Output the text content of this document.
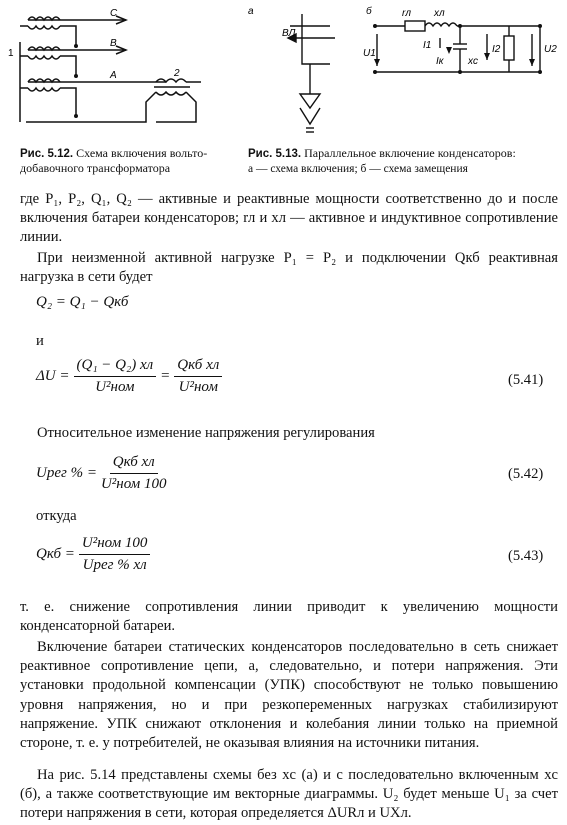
C
B
A
1
2
Рис. 5.12. Схема включения вольто-добавочного трансформатора
а	б
ВЛ
rл xл
U1
I1
Iк xc
I2	U2
Рис. 5.13. Параллельное включение конденсаторов:
а — схема включения; б — схема замещения
где P₁, P₂, Q₁, Q₂ — активные и реактивные мощности соответственно до и после включения батареи конденсаторов; rл и xл — активное и индуктивное сопротивление линии.
При неизменной активной нагрузке P₁ = P₂ и подключении Qкб реактивная нагрузка в сети будет
Q₂ = Q₁ − Qкб
и
$\Delta U = \frac{\text{(Q₁ − Q₂) xл}}{\text{U²ном}} = \frac{\text{Qкб xл}}{\text{U²ном}}$	(5.41)
Относительное изменение напряжения регулирования
Uрег % = $\frac{\text{Qкб xл}}{\text{U²ном 100}}$	(5.42)
откуда
Qкб = $\frac{\text{U²ном 100}}{\text{Uрег \% xл}}$	(5.43)
т. е. снижение сопротивления линии приводит к увеличению мощности конденсаторной батареи.
Включение батареи статических конденсаторов последовательно в сеть снижает реактивное сопротивление цепи, а, следовательно, и потери напряжения. Эти установки продольной компенсации (УПК) способствуют не только повышению уровня напряжения, но и при резкопеременных нагрузках стабилизируют напряжение. УПК снижают отклонения и колебания линии только на приемной стороне, т. е. у потребителей, не оказывая влияния на источники питания.
На рис. 5.14 представлены схемы без xc (а) и с последовательно включенным xc (б), а также соответствующие им векторные диаграммы. U₂ будет меньше U₁ за счет потери напряжения в сети, которая определяется ΔURл и UXл.
